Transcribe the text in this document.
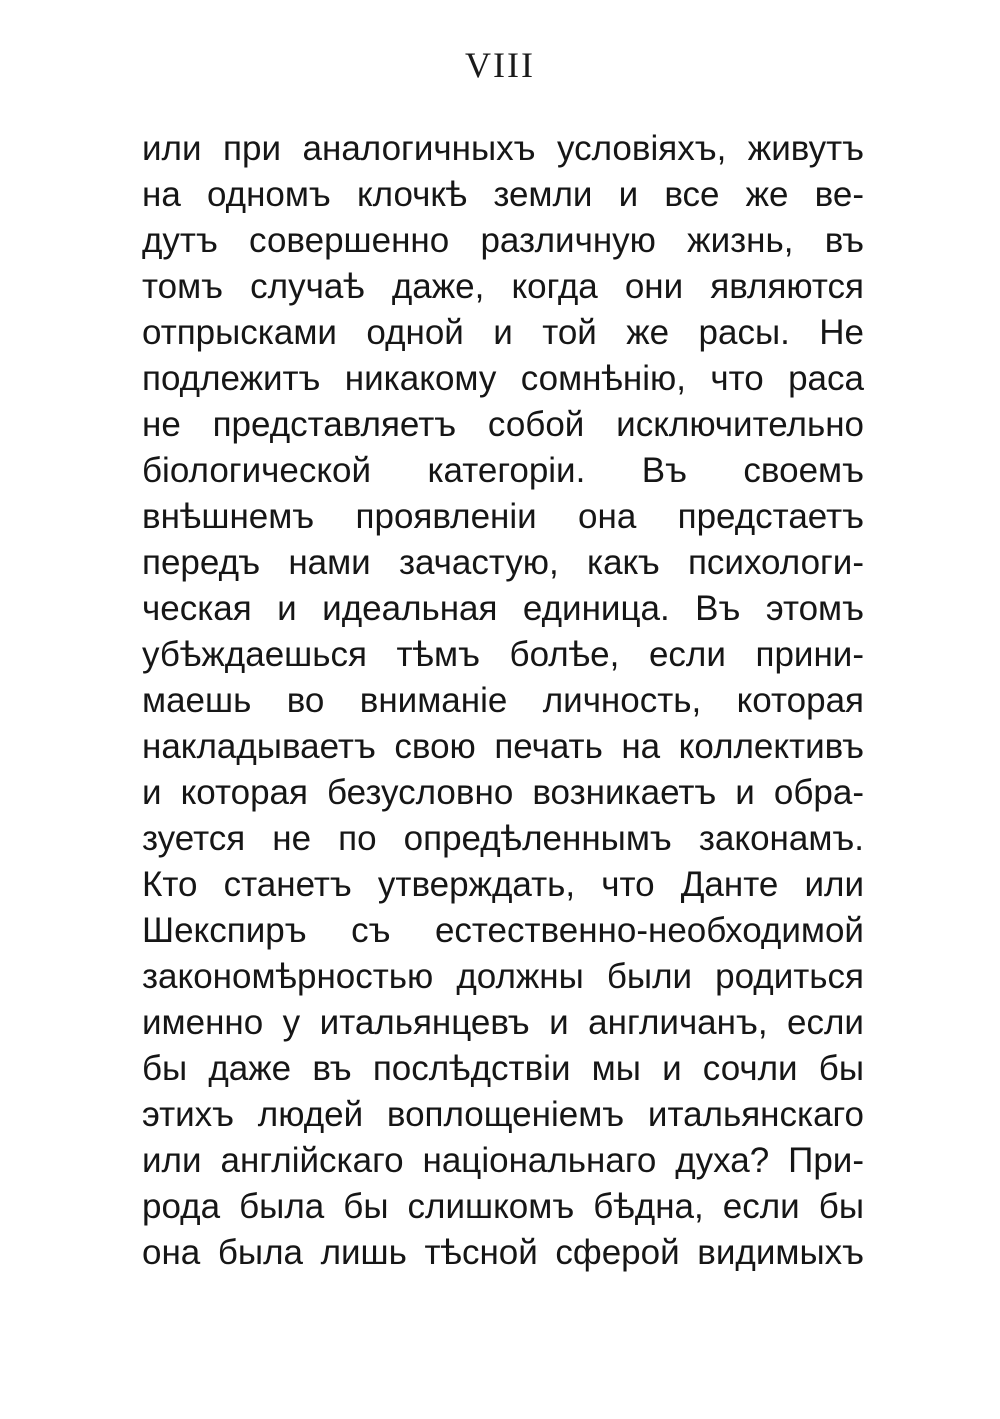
VIII
или при аналогичныхъ условіяхъ, живутъ
на одномъ клочкѣ земли и все же ве-
дутъ совершенно различную жизнь, въ
томъ случаѣ даже, когда они являются
отпрысками одной и той же расы. Не
подлежитъ никакому сомнѣнію, что раса
не представляетъ собой исключительно
біологической категоріи. Въ своемъ
внѣшнемъ проявленіи она предстаетъ
передъ нами зачастую, какъ психологи-
ческая и идеальная единица. Въ этомъ
убѣждаешься тѣмъ болѣе, если прини-
маешь во вниманіе личность, которая
накладываетъ свою печать на коллективъ
и которая безусловно возникаетъ и обра-
зуется не по опредѣленнымъ законамъ.
Кто станетъ утверждать, что Данте или
Шекспиръ съ естественно-необходимой
закономѣрностью должны были родиться
именно у итальянцевъ и англичанъ, если
бы даже въ послѣдствіи мы и сочли бы
этихъ людей воплощеніемъ итальянскаго
или англійскаго національнаго духа? При-
рода была бы слишкомъ бѣдна, если бы
она была лишь тѣсной сферой видимыхъ
